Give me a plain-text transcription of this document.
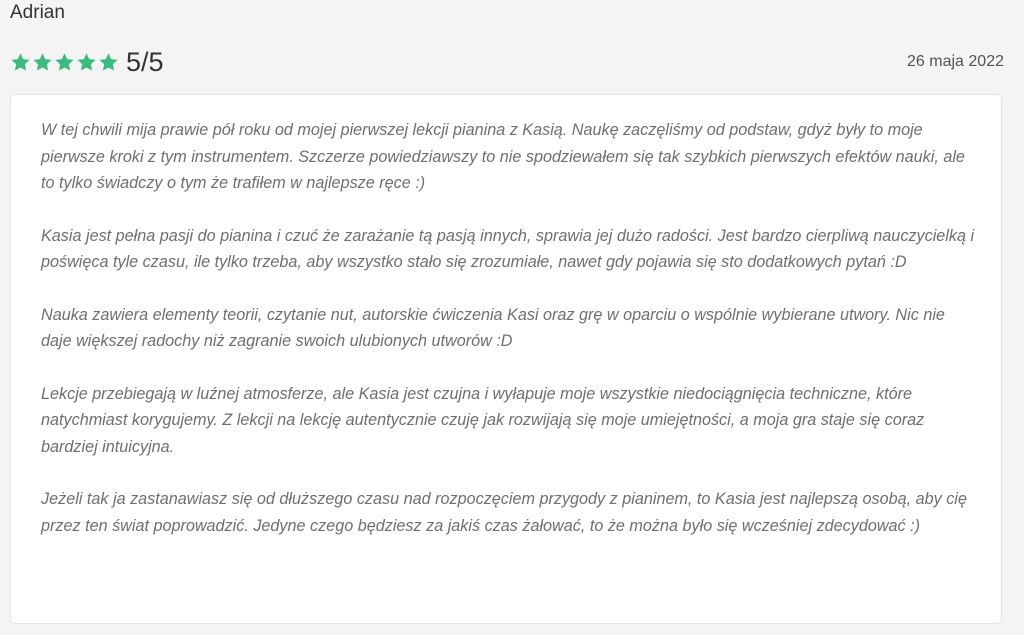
Adrian
5/5	26 maja 2022

W tej chwili mija prawie pół roku od mojej pierwszej lekcji pianina z Kasią. Naukę zaczęliśmy od podstaw, gdyż były to moje pierwsze kroki z tym instrumentem. Szczerze powiedziawszy to nie spodziewałem się tak szybkich pierwszych efektów nauki, ale to tylko świadczy o tym że trafiłem w najlepsze ręce :)

Kasia jest pełna pasji do pianina i czuć że zarażanie tą pasją innych, sprawia jej dużo radości. Jest bardzo cierpliwą nauczycielką i poświęca tyle czasu, ile tylko trzeba, aby wszystko stało się zrozumiałe, nawet gdy pojawia się sto dodatkowych pytań :D

Nauka zawiera elementy teorii, czytanie nut, autorskie ćwiczenia Kasi oraz grę w oparciu o wspólnie wybierane utwory. Nic nie daje większej radochy niż zagranie swoich ulubionych utworów :D

Lekcje przebiegają w luźnej atmosferze, ale Kasia jest czujna i wyłapuje moje wszystkie niedociągnięcia techniczne, które natychmiast korygujemy. Z lekcji na lekcję autentycznie czuję jak rozwijają się moje umiejętności, a moja gra staje się coraz bardziej intuicyjna.

Jeżeli tak ja zastanawiasz się od dłuższego czasu nad rozpoczęciem przygody z pianinem, to Kasia jest najlepszą osobą, aby cię przez ten świat poprowadzić. Jedyne czego będziesz za jakiś czas żałować, to że można było się wcześniej zdecydować :)
